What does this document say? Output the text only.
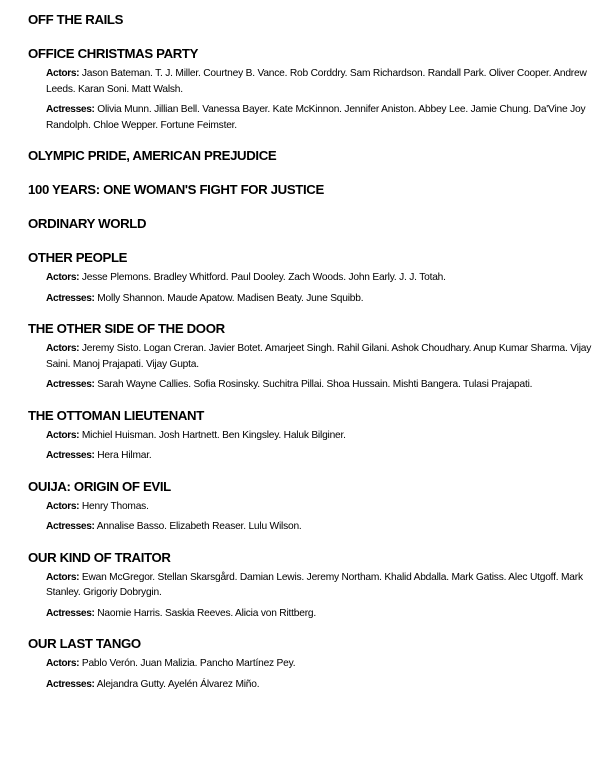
OFF THE RAILS
OFFICE CHRISTMAS PARTY
Actors: Jason Bateman. T. J. Miller. Courtney B. Vance. Rob Corddry. Sam Richardson. Randall Park. Oliver Cooper. Andrew Leeds. Karan Soni. Matt Walsh.
Actresses: Olivia Munn. Jillian Bell. Vanessa Bayer. Kate McKinnon. Jennifer Aniston. Abbey Lee. Jamie Chung. Da'Vine Joy Randolph. Chloe Wepper. Fortune Feimster.
OLYMPIC PRIDE, AMERICAN PREJUDICE
100 YEARS: ONE WOMAN'S FIGHT FOR JUSTICE
ORDINARY WORLD
OTHER PEOPLE
Actors: Jesse Plemons. Bradley Whitford. Paul Dooley. Zach Woods. John Early. J. J. Totah.
Actresses: Molly Shannon. Maude Apatow. Madisen Beaty. June Squibb.
THE OTHER SIDE OF THE DOOR
Actors: Jeremy Sisto. Logan Creran. Javier Botet. Amarjeet Singh. Rahil Gilani. Ashok Choudhary. Anup Kumar Sharma. Vijay Saini. Manoj Prajapati. Vijay Gupta.
Actresses: Sarah Wayne Callies. Sofia Rosinsky. Suchitra Pillai. Shoa Hussain. Mishti Bangera. Tulasi Prajapati.
THE OTTOMAN LIEUTENANT
Actors: Michiel Huisman. Josh Hartnett. Ben Kingsley. Haluk Bilginer.
Actresses: Hera Hilmar.
OUIJA: ORIGIN OF EVIL
Actors: Henry Thomas.
Actresses: Annalise Basso. Elizabeth Reaser. Lulu Wilson.
OUR KIND OF TRAITOR
Actors: Ewan McGregor. Stellan Skarsgård. Damian Lewis. Jeremy Northam. Khalid Abdalla. Mark Gatiss. Alec Utgoff. Mark Stanley. Grigoriy Dobrygin.
Actresses: Naomie Harris. Saskia Reeves. Alicia von Rittberg.
OUR LAST TANGO
Actors: Pablo Verón. Juan Malizia. Pancho Martínez Pey.
Actresses: Alejandra Gutty. Ayelén Álvarez Miño.
